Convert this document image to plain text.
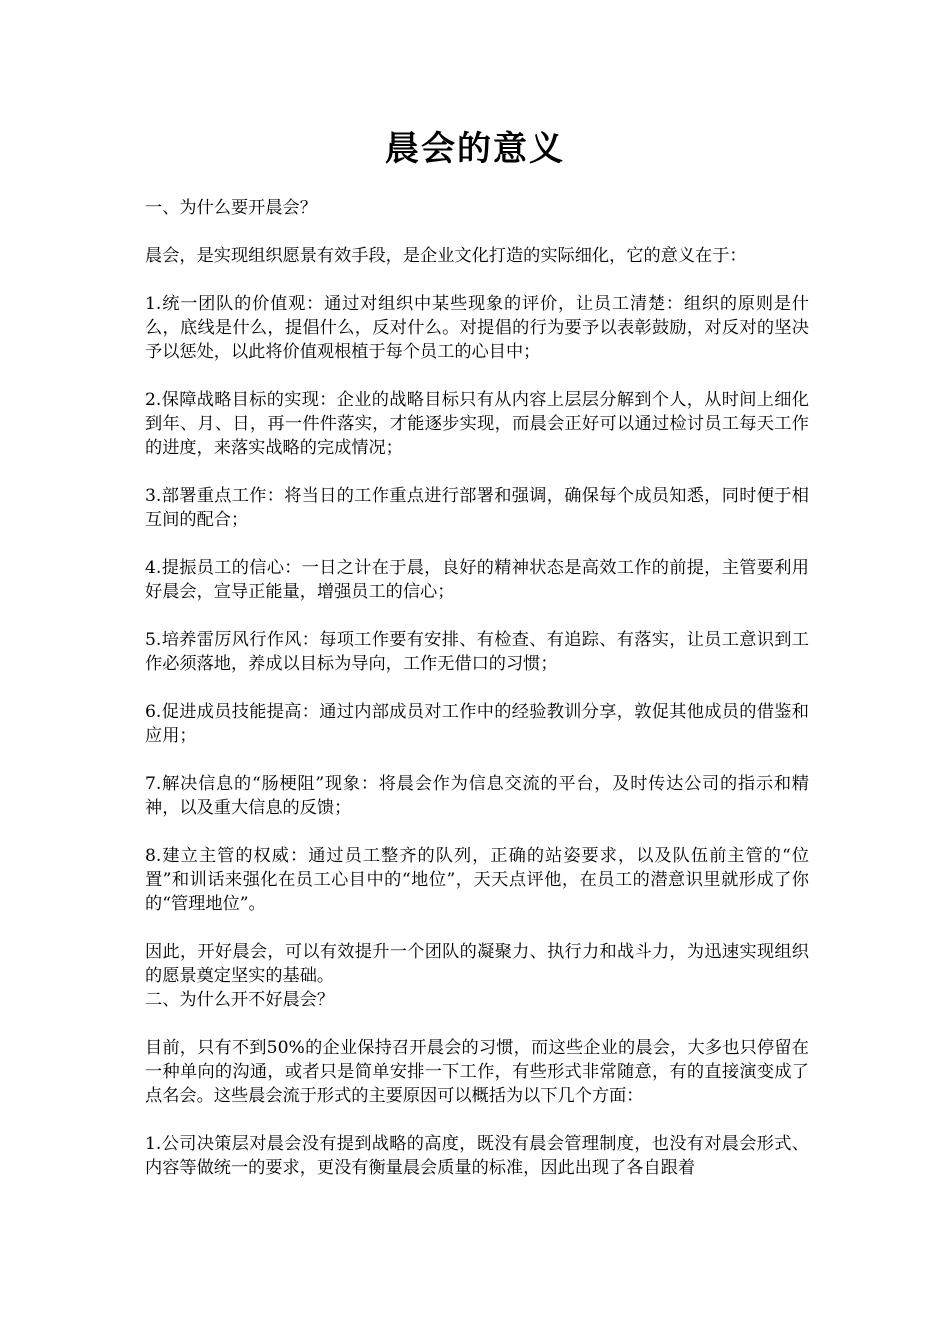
晨会的意义

一、为什么要开晨会？

晨会，是实现组织愿景有效手段，是企业文化打造的实际细化，它的意义在于：

1.统一团队的价值观：通过对组织中某些现象的评价，让员工清楚：组织的原则是什么，底线是什么，提倡什么，反对什么。对提倡的行为要予以表彰鼓励，对反对的坚决予以惩处，以此将价值观根植于每个员工的心目中；

2.保障战略目标的实现：企业的战略目标只有从内容上层层分解到个人，从时间上细化到年、月、日，再一件件落实，才能逐步实现，而晨会正好可以通过检讨员工每天工作的进度，来落实战略的完成情况；

3.部署重点工作：将当日的工作重点进行部署和强调，确保每个成员知悉，同时便于相互间的配合；

4.提振员工的信心：一日之计在于晨，良好的精神状态是高效工作的前提，主管要利用好晨会，宣导正能量，增强员工的信心；

5.培养雷厉风行作风：每项工作要有安排、有检查、有追踪、有落实，让员工意识到工作必须落地，养成以目标为导向，工作无借口的习惯；

6.促进成员技能提高：通过内部成员对工作中的经验教训分享，敦促其他成员的借鉴和应用；

7.解决信息的“肠梗阻”现象：将晨会作为信息交流的平台，及时传达公司的指示和精神，以及重大信息的反馈；

8.建立主管的权威：通过员工整齐的队列，正确的站姿要求，以及队伍前主管的“位置”和训话来强化在员工心目中的“地位”，天天点评他，在员工的潜意识里就形成了你的“管理地位”。

因此，开好晨会，可以有效提升一个团队的凝聚力、执行力和战斗力，为迅速实现组织的愿景奠定坚实的基础。

二、为什么开不好晨会？

目前，只有不到50%的企业保持召开晨会的习惯，而这些企业的晨会，大多也只停留在一种单向的沟通，或者只是简单安排一下工作，有些形式非常随意，有的直接演变成了点名会。这些晨会流于形式的主要原因可以概括为以下几个方面：

1.公司决策层对晨会没有提到战略的高度，既没有晨会管理制度，也没有对晨会形式、内容等做统一的要求，更没有衡量晨会质量的标准，因此出现了各自跟着
